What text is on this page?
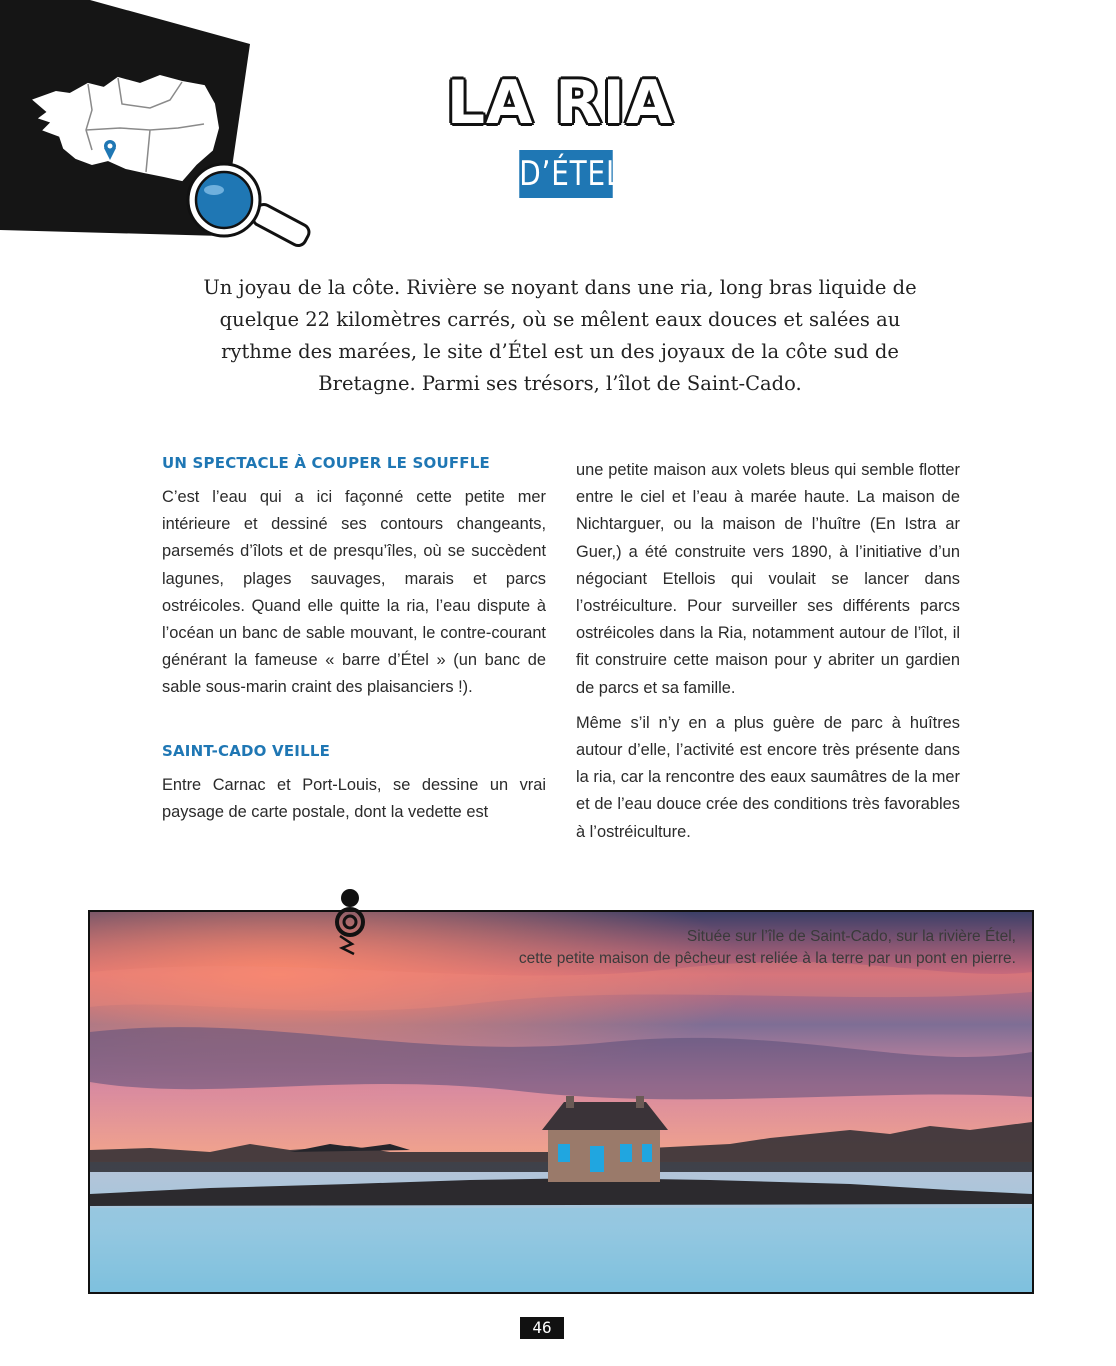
LA RIA
D’ÉTEL

Un joyau de la côte. Rivière se noyant dans une ria, long bras liquide de quelque 22 kilomètres carrés, où se mêlent eaux douces et salées au rythme des marées, le site d’Étel est un des joyaux de la côte sud de Bretagne. Parmi ses trésors, l’îlot de Saint-Cado.

UN SPECTACLE À COUPER LE SOUFFLE

C’est l’eau qui a ici façonné cette petite mer intérieure et dessiné ses contours changeants, parsemés d’îlots et de presqu’îles, où se succèdent lagunes, plages sauvages, marais et parcs ostréicoles. Quand elle quitte la ria, l’eau dispute à l’océan un banc de sable mouvant, le contre-courant générant la fameuse « barre d’Étel » (un banc de sable sous-marin craint des plaisanciers !).

SAINT-CADO VEILLE

Entre Carnac et Port-Louis, se dessine un vrai paysage de carte postale, dont la vedette est

une petite maison aux volets bleus qui semble flotter entre le ciel et l’eau à marée haute. La maison de Nichtarguer, ou la maison de l’huître (En Istra ar Guer,) a été construite vers 1890, à l’initiative d’un négociant Etellois qui voulait se lancer dans l’ostréiculture. Pour surveiller ses différents parcs ostréicoles dans la Ria, notamment autour de l’îlot, il fit construire cette maison pour y abriter un gardien de parcs et sa famille.

Même s’il n’y en a plus guère de parc à huîtres autour d’elle, l’activité est encore très présente dans la ria, car la rencontre des eaux saumâtres de la mer et de l’eau douce crée des conditions très favorables à l’ostréiculture.

Située sur l’île de Saint-Cado, sur la rivière Étel,
cette petite maison de pêcheur est reliée à la terre par un pont en pierre.

46
